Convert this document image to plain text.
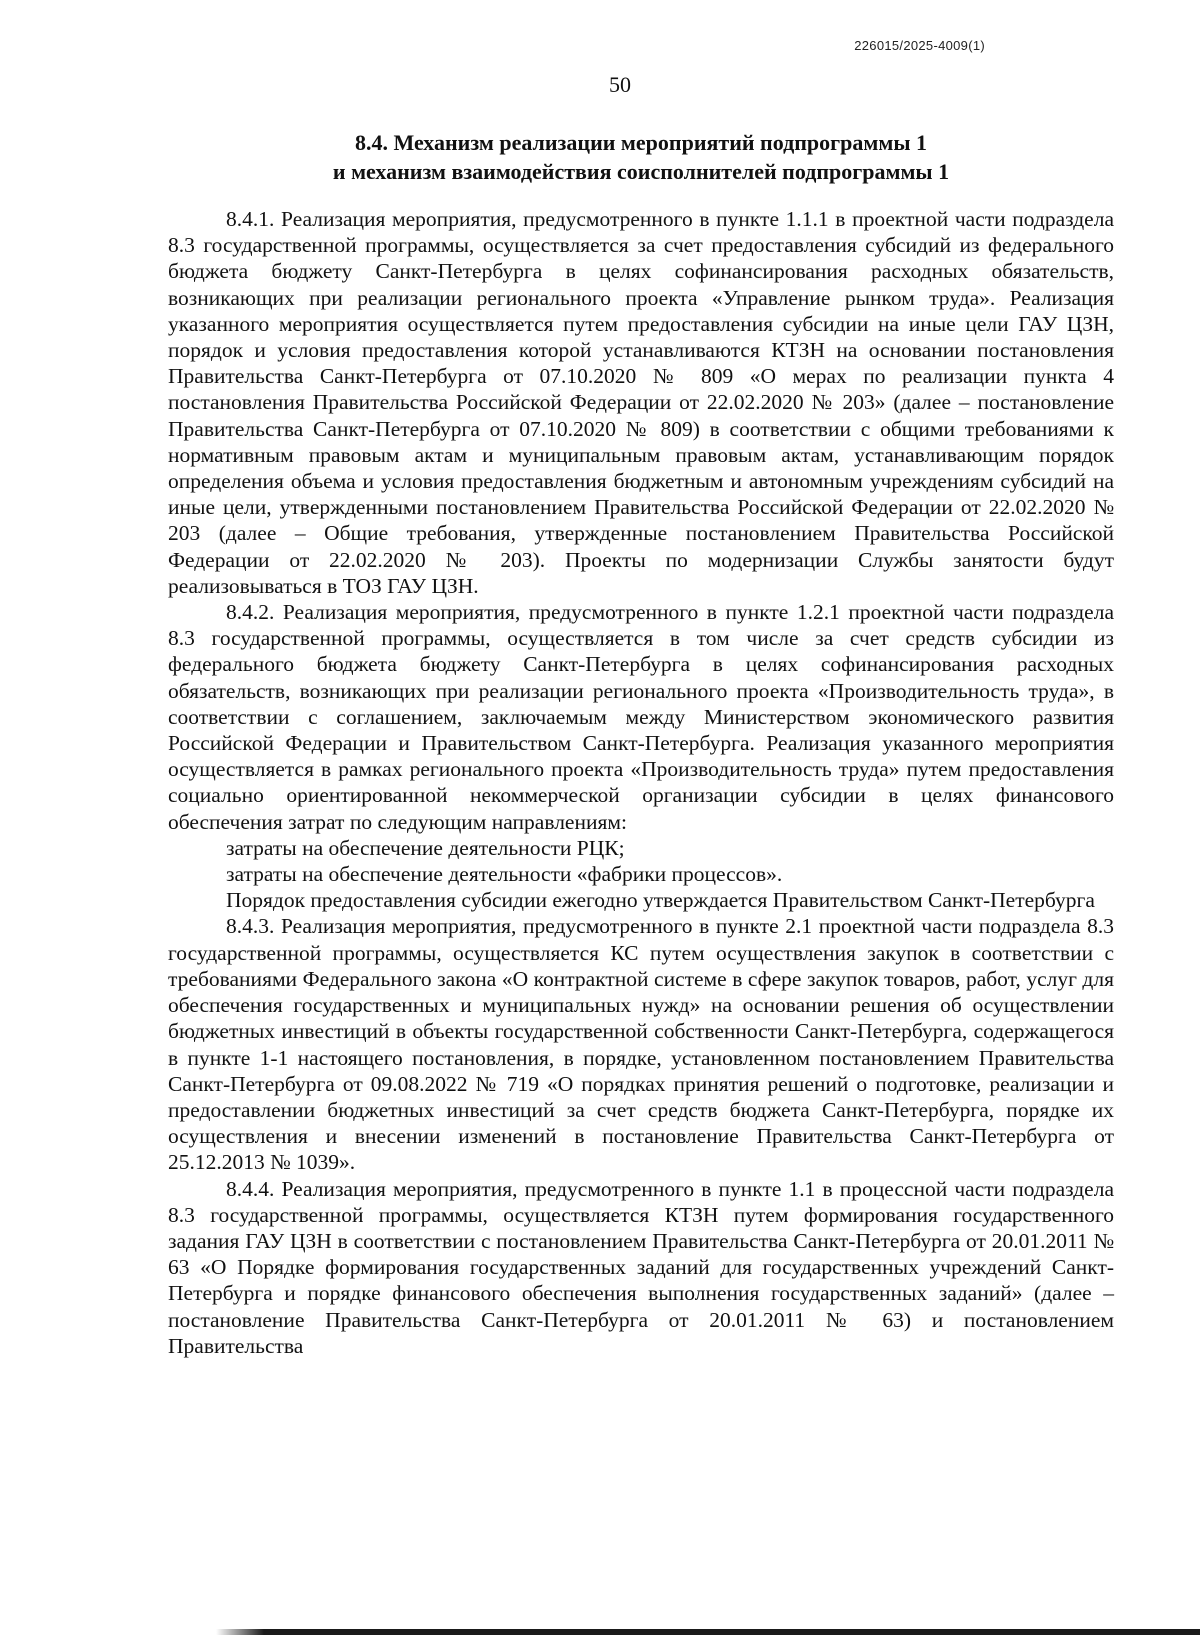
226015/2025-4009(1)
50
8.4. Механизм реализации мероприятий подпрограммы 1
и механизм взаимодействия соисполнителей подпрограммы 1

8.4.1. Реализация мероприятия, предусмотренного в пункте 1.1.1 в проектной части подраздела 8.3 государственной программы, осуществляется за счет предоставления субсидий из федерального бюджета бюджету Санкт-Петербурга в целях софинансирования расходных обязательств, возникающих при реализации регионального проекта «Управление рынком труда». Реализация указанного мероприятия осуществляется путем предоставления субсидии на иные цели ГАУ ЦЗН, порядок и условия предоставления которой устанавливаются КТЗН на основании постановления Правительства Санкт-Петербурга от 07.10.2020 № 809 «О мерах по реализации пункта 4 постановления Правительства Российской Федерации от 22.02.2020 № 203» (далее – постановление Правительства Санкт-Петербурга от 07.10.2020 № 809) в соответствии с общими требованиями к нормативным правовым актам и муниципальным правовым актам, устанавливающим порядок определения объема и условия предоставления бюджетным и автономным учреждениям субсидий на иные цели, утвержденными постановлением Правительства Российской Федерации от 22.02.2020 № 203 (далее – Общие требования, утвержденные постановлением Правительства Российской Федерации от 22.02.2020 № 203). Проекты по модернизации Службы занятости будут реализовываться в ТОЗ ГАУ ЦЗН.

8.4.2. Реализация мероприятия, предусмотренного в пункте 1.2.1 проектной части подраздела 8.3 государственной программы, осуществляется в том числе за счет средств субсидии из федерального бюджета бюджету Санкт-Петербурга в целях софинансирования расходных обязательств, возникающих при реализации регионального проекта «Производительность труда», в соответствии с соглашением, заключаемым между Министерством экономического развития Российской Федерации и Правительством Санкт-Петербурга. Реализация указанного мероприятия осуществляется в рамках регионального проекта «Производительность труда» путем предоставления социально ориентированной некоммерческой организации субсидии в целях финансового обеспечения затрат по следующим направлениям:

затраты на обеспечение деятельности РЦК;

затраты на обеспечение деятельности «фабрики процессов».

Порядок предоставления субсидии ежегодно утверждается Правительством Санкт-Петербурга

8.4.3. Реализация мероприятия, предусмотренного в пункте 2.1 проектной части подраздела 8.3 государственной программы, осуществляется КС путем осуществления закупок в соответствии с требованиями Федерального закона «О контрактной системе в сфере закупок товаров, работ, услуг для обеспечения государственных и муниципальных нужд» на основании решения об осуществлении бюджетных инвестиций в объекты государственной собственности Санкт-Петербурга, содержащегося в пункте 1-1 настоящего постановления, в порядке, установленном постановлением Правительства Санкт-Петербурга от 09.08.2022 № 719 «О порядках принятия решений о подготовке, реализации и предоставлении бюджетных инвестиций за счет средств бюджета Санкт-Петербурга, порядке их осуществления и внесении изменений в постановление Правительства Санкт-Петербурга от 25.12.2013 № 1039».

8.4.4. Реализация мероприятия, предусмотренного в пункте 1.1 в процессной части подраздела 8.3 государственной программы, осуществляется КТЗН путем формирования государственного задания ГАУ ЦЗН в соответствии с постановлением Правительства Санкт-Петербурга от 20.01.2011 № 63 «О Порядке формирования государственных заданий для государственных учреждений Санкт-Петербурга и порядке финансового обеспечения выполнения государственных заданий» (далее – постановление Правительства Санкт-Петербурга от 20.01.2011 № 63) и постановлением Правительства
